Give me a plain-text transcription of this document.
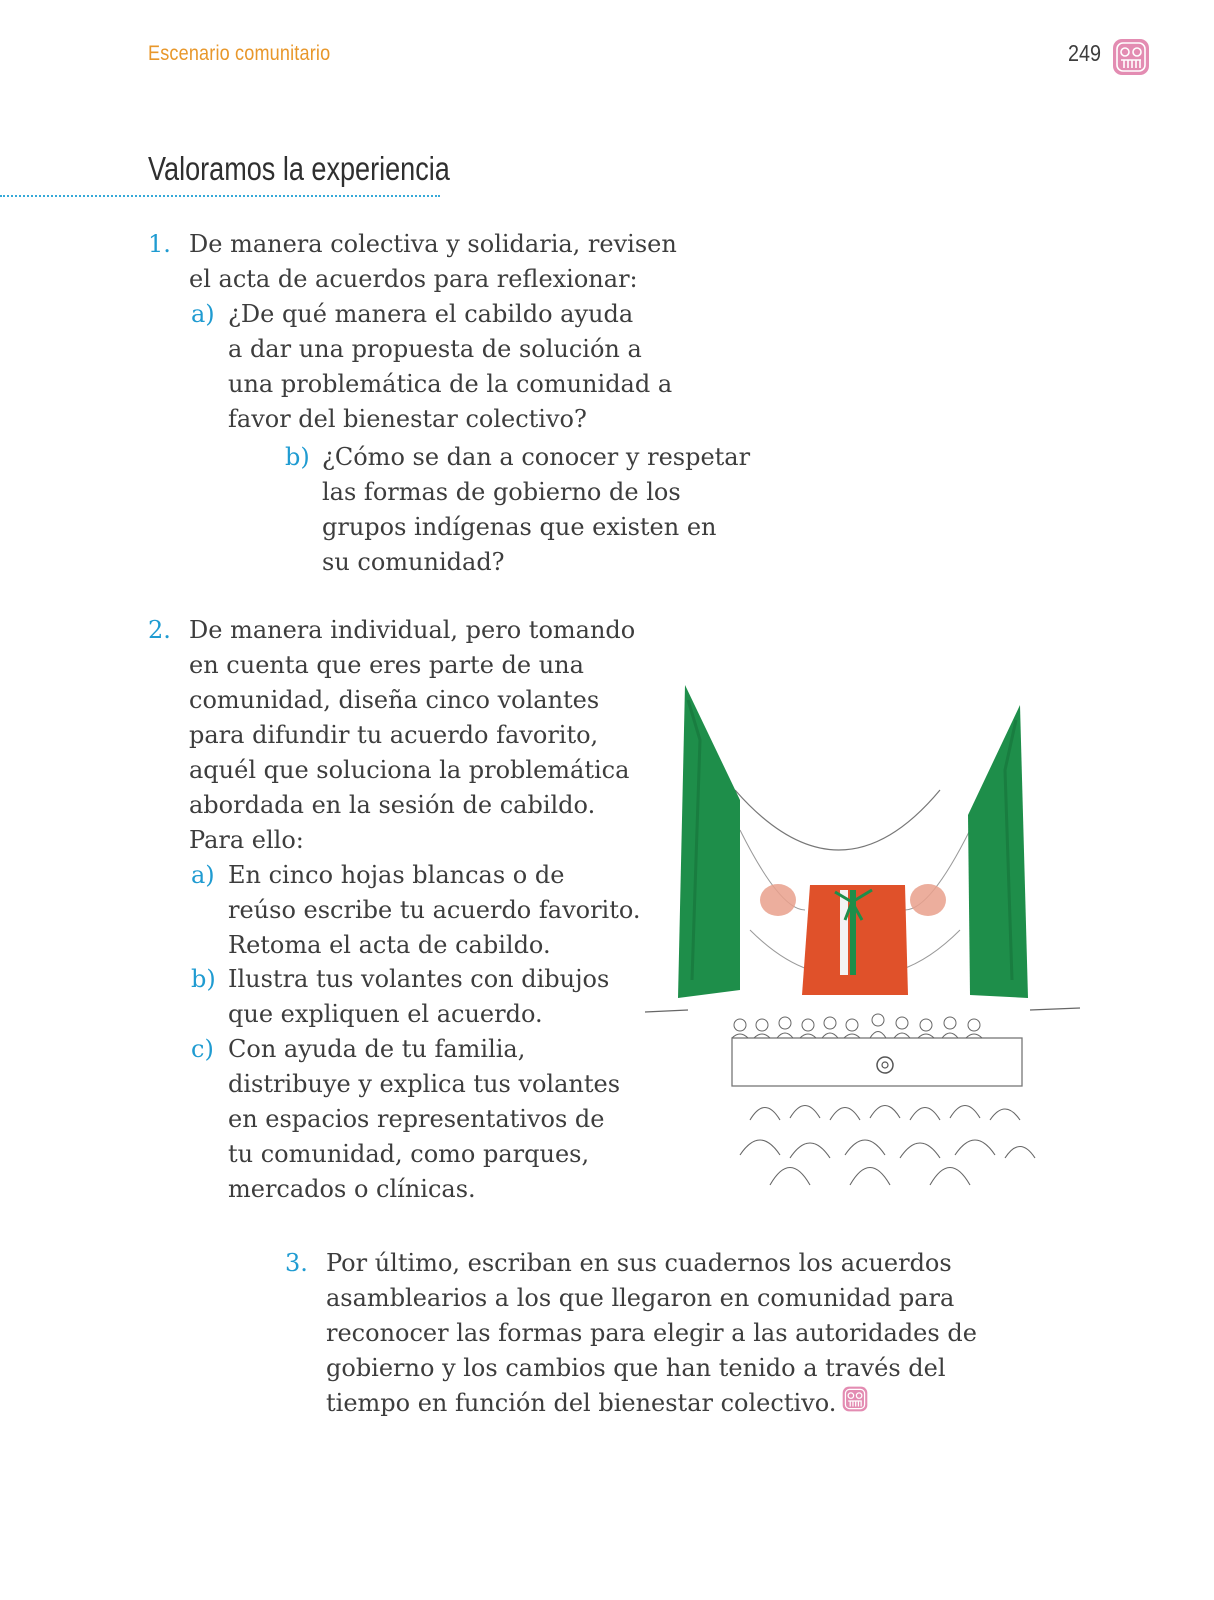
Escenario comunitario	249
Valoramos la experiencia
1. De manera colectiva y solidaria, revisen
el acta de acuerdos para reflexionar:
a) ¿De qué manera el cabildo ayuda
a dar una propuesta de solución a
una problemática de la comunidad a
favor del bienestar colectivo?
b) ¿Cómo se dan a conocer y respetar
las formas de gobierno de los
grupos indígenas que existen en
su comunidad?
2. De manera individual, pero tomando
en cuenta que eres parte de una
comunidad, diseña cinco volantes
para difundir tu acuerdo favorito,
aquél que soluciona la problemática
abordada en la sesión de cabildo.
Para ello:
a) En cinco hojas blancas o de
reúso escribe tu acuerdo favorito.
Retoma el acta de cabildo.
b) Ilustra tus volantes con dibujos
que expliquen el acuerdo.
c) Con ayuda de tu familia,
distribuye y explica tus volantes
en espacios representativos de
tu comunidad, como parques,
mercados o clínicas.
3. Por último, escriban en sus cuadernos los acuerdos
asamblearios a los que llegaron en comunidad para
reconocer las formas para elegir a las autoridades de
gobierno y los cambios que han tenido a través del
tiempo en función del bienestar colectivo.
